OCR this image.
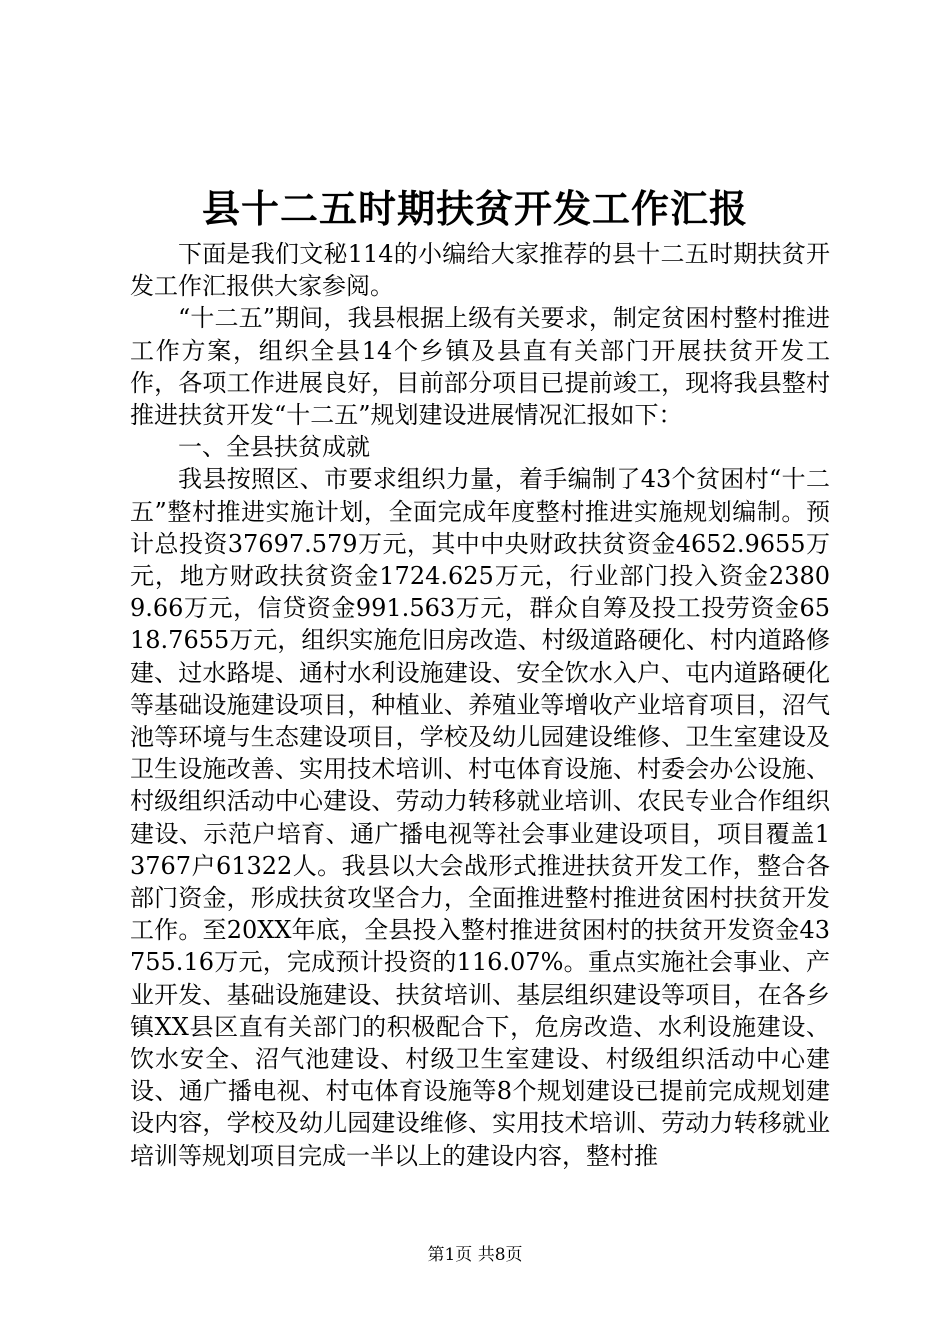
县十二五时期扶贫开发工作汇报

下面是我们文秘114的小编给大家推荐的县十二五时期扶贫开发工作汇报供大家参阅。

“十二五”期间，我县根据上级有关要求，制定贫困村整村推进工作方案，组织全县14个乡镇及县直有关部门开展扶贫开发工作，各项工作进展良好，目前部分项目已提前竣工，现将我县整村推进扶贫开发“十二五”规划建设进展情况汇报如下：

一、全县扶贫成就

我县按照区、市要求组织力量，着手编制了43个贫困村“十二五”整村推进实施计划，全面完成年度整村推进实施规划编制。预计总投资37697.579万元，其中中央财政扶贫资金4652.9655万元，地方财政扶贫资金1724.625万元，行业部门投入资金23809.66万元，信贷资金991.563万元，群众自筹及投工投劳资金6518.7655万元，组织实施危旧房改造、村级道路硬化、村内道路修建、过水路堤、通村水利设施建设、安全饮水入户、屯内道路硬化等基础设施建设项目，种植业、养殖业等增收产业培育项目，沼气池等环境与生态建设项目，学校及幼儿园建设维修、卫生室建设及卫生设施改善、实用技术培训、村屯体育设施、村委会办公设施、村级组织活动中心建设、劳动力转移就业培训、农民专业合作组织建设、示范户培育、通广播电视等社会事业建设项目，项目覆盖13767户61322人。我县以大会战形式推进扶贫开发工作，整合各部门资金，形成扶贫攻坚合力，全面推进整村推进贫困村扶贫开发工作。至20XX年底，全县投入整村推进贫困村的扶贫开发资金43755.16万元，完成预计投资的116.07%。重点实施社会事业、产业开发、基础设施建设、扶贫培训、基层组织建设等项目，在各乡镇XX县区直有关部门的积极配合下，危房改造、水利设施建设、饮水安全、沼气池建设、村级卫生室建设、村级组织活动中心建设、通广播电视、村屯体育设施等8个规划建设已提前完成规划建设内容，学校及幼儿园建设维修、实用技术培训、劳动力转移就业培训等规划项目完成一半以上的建设内容，整村推

第1页 共8页
